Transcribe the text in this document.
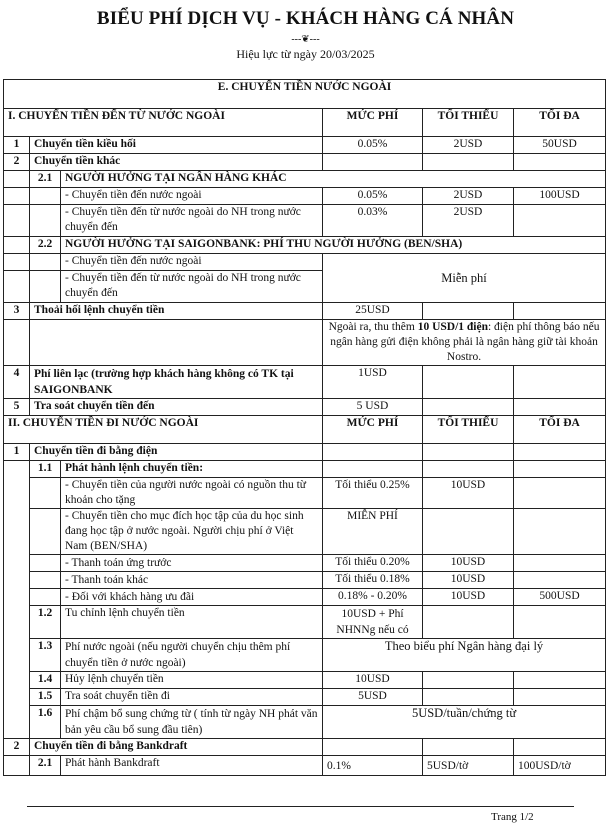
BIỂU PHÍ DỊCH VỤ - KHÁCH HÀNG CÁ NHÂN
---❦---
Hiệu lực từ ngày 20/03/2025
E. CHUYỂN TIỀN NƯỚC NGOÀI					
I. CHUYỂN TIỀN ĐẾN TỪ NƯỚC NGOÀI			MỨC PHÍ	TỐI THIỂU	TỐI ĐA
1	Chuyển tiền kiều hối		0.05%	2USD	50USD
2	Chuyển tiền khác				
	2.1	NGƯỜI HƯỞNG TẠI NGÂN HÀNG KHÁC			
		- Chuyển tiền đến nước ngoài	0.05%	2USD	100USD
		- Chuyển tiền đến từ nước ngoài do NH trong nước chuyển đến	0.03%	2USD	
	2.2	NGƯỜI HƯỞNG TẠI SAIGONBANK: PHÍ THU NGƯỜI HƯỞNG (BEN/SHA)			
		- Chuyển tiền đến nước ngoài	Miễn phí		
		- Chuyển tiền đến từ nước ngoài do NH trong nước chuyển đến			
3	Thoải hối lệnh chuyển tiền		25USD		
			Ngoài ra, thu thêm 10 USD/1 điện: điện phí thông báo nếu ngân hàng gửi điện không phải là ngân hàng giữ tài khoản Nostro.		
4	Phí liên lạc (trường hợp khách hàng không có TK tại SAIGONBANK		1USD		
5	Tra soát chuyển tiền đến		5 USD		
II. CHUYỂN TIỀN ĐI NƯỚC NGOÀI			MỨC PHÍ	TỐI THIỂU	TỐI ĐA
1	Chuyển tiền đi bằng điện				
	1.1	Phát hành lệnh chuyển tiền:			
		- Chuyển tiền của người nước ngoài có nguồn thu từ khoản cho tặng	Tối thiểu 0.25%	10USD	
		- Chuyển tiền cho mục đích học tập của du học sinh đang học tập ở nước ngoài. Người chịu phí ở Việt Nam (BEN/SHA)	MIỄN PHÍ		
		- Thanh toán ứng trước	Tối thiểu 0.20%	10USD	
		- Thanh toán khác	Tối thiểu 0.18%	10USD	
		- Đối với khách hàng ưu đãi	0.18% - 0.20%	10USD	500USD
	1.2	Tu chỉnh lệnh chuyển tiền	10USD + Phí NHNNg nếu có		
	1.3	Phí nước ngoài (nếu người chuyển chịu thêm phí chuyển tiền ở nước ngoài)	Theo biểu phí Ngân hàng đại lý		
	1.4	Hủy lệnh chuyển tiền	10USD		
	1.5	Tra soát chuyển tiền đi	5USD		
	1.6	Phí chậm bổ sung chứng từ ( tính từ ngày NH phát văn bản yêu cầu bổ sung đầu tiên)	5USD/tuần/chứng từ		
2	Chuyển tiền đi bằng Bankdraft				
	2.1	Phát hành Bankdraft	0.1%	5USD/tờ	100USD/tờ
Trang 1/2
